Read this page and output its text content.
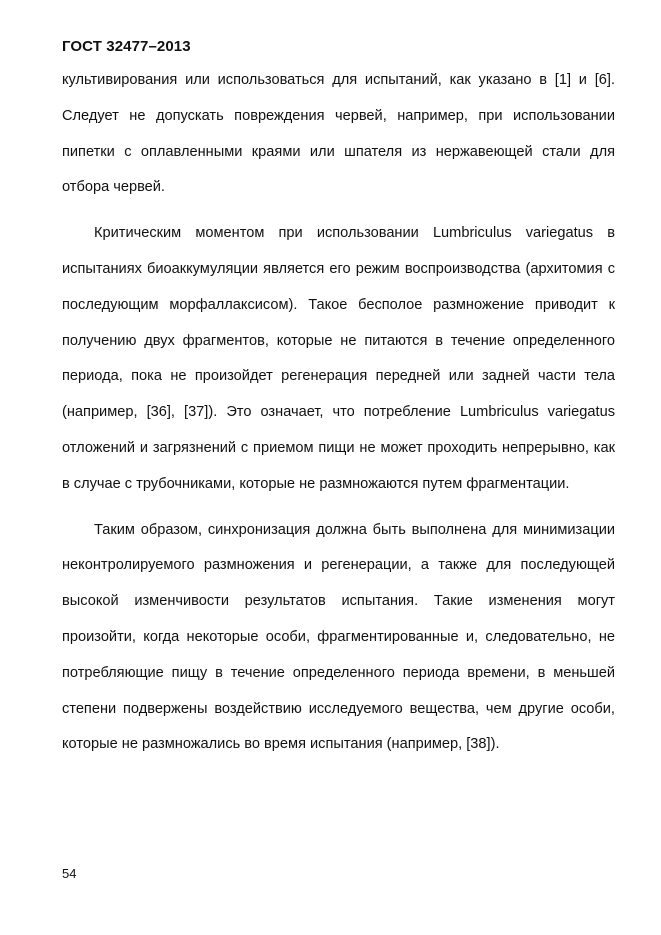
ГОСТ 32477–2013

культивирования или использоваться для испытаний, как указано в [1] и [6]. Следует не допускать повреждения червей, например, при использовании пипетки с оплавленными краями или шпателя из нержавеющей стали для отбора червей.

Критическим моментом при использовании Lumbriculus variegatus в испытаниях биоаккумуляции является его режим воспроизводства (архитомия с последующим морфаллаксисом). Такое бесполое размножение приводит к получению двух фрагментов, которые не питаются в течение определенного периода, пока не произойдет регенерация передней или задней части тела (например, [36], [37]). Это означает, что потребление Lumbriculus variegatus отложений и загрязнений с приемом пищи не может проходить непрерывно, как в случае с трубочниками, которые не размножаются путем фрагментации.

Таким образом, синхронизация должна быть выполнена для минимизации неконтролируемого размножения и регенерации, а также для последующей высокой изменчивости результатов испытания. Такие изменения могут произойти, когда некоторые особи, фрагментированные и, следовательно, не потребляющие пищу в течение определенного периода времени, в меньшей степени подвержены воздействию исследуемого вещества, чем другие особи, которые не размножались во время испытания (например, [38]).

54
